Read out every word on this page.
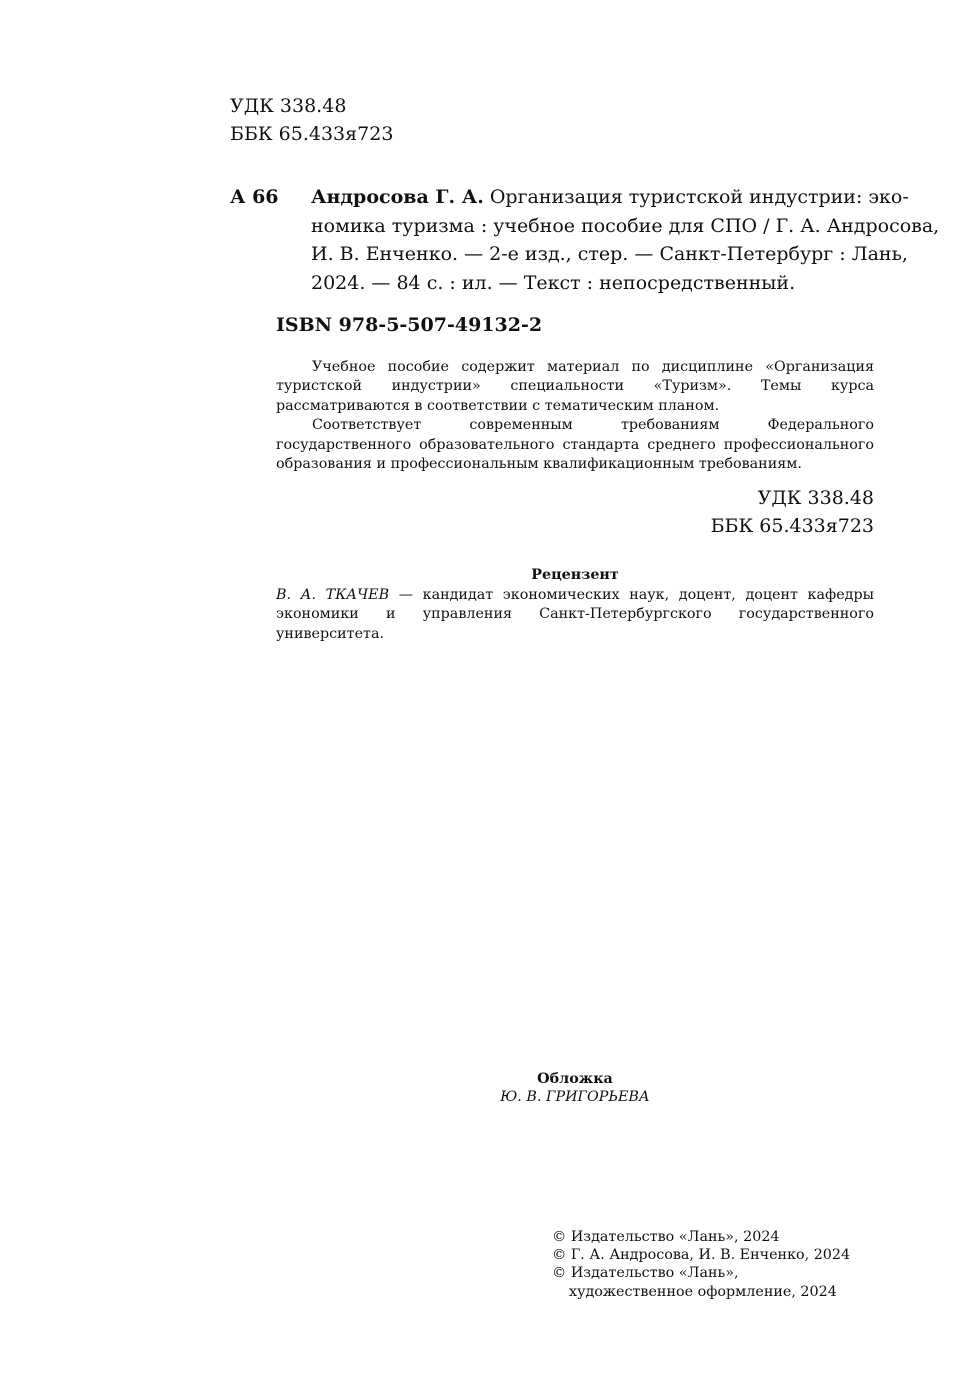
УДК 338.48
ББК 65.433я723
А 66 Андросова Г. А. Организация туристской индустрии: эко-
номика туризма : учебное пособие для СПО / Г. А. Андросова,
И. В. Енченко. — 2-е изд., стер. — Санкт-Петербург : Лань,
2024. — 84 с. : ил. — Текст : непосредственный.
ISBN 978-5-507-49132-2

Учебное пособие содержит материал по дисциплине «Организация туристской индустрии» специальности «Туризм». Темы курса рассматриваются в соответствии с тематическим планом.

Соответствует современным требованиям Федерального государственного образовательного стандарта среднего профессионального образования и профессиональным квалификационным требованиям.

УДК 338.48
ББК 65.433я723
Рецензент
В. А. ТКАЧЕВ — кандидат экономических наук, доцент, доцент кафедры экономики и управления Санкт-Петербургского государственного университета.
Обложка
Ю. В. ГРИГОРЬЕВА
© Издательство «Лань», 2024
© Г. А. Андросова, И. В. Енченко, 2024
© Издательство «Лань»,
художественное оформление, 2024
